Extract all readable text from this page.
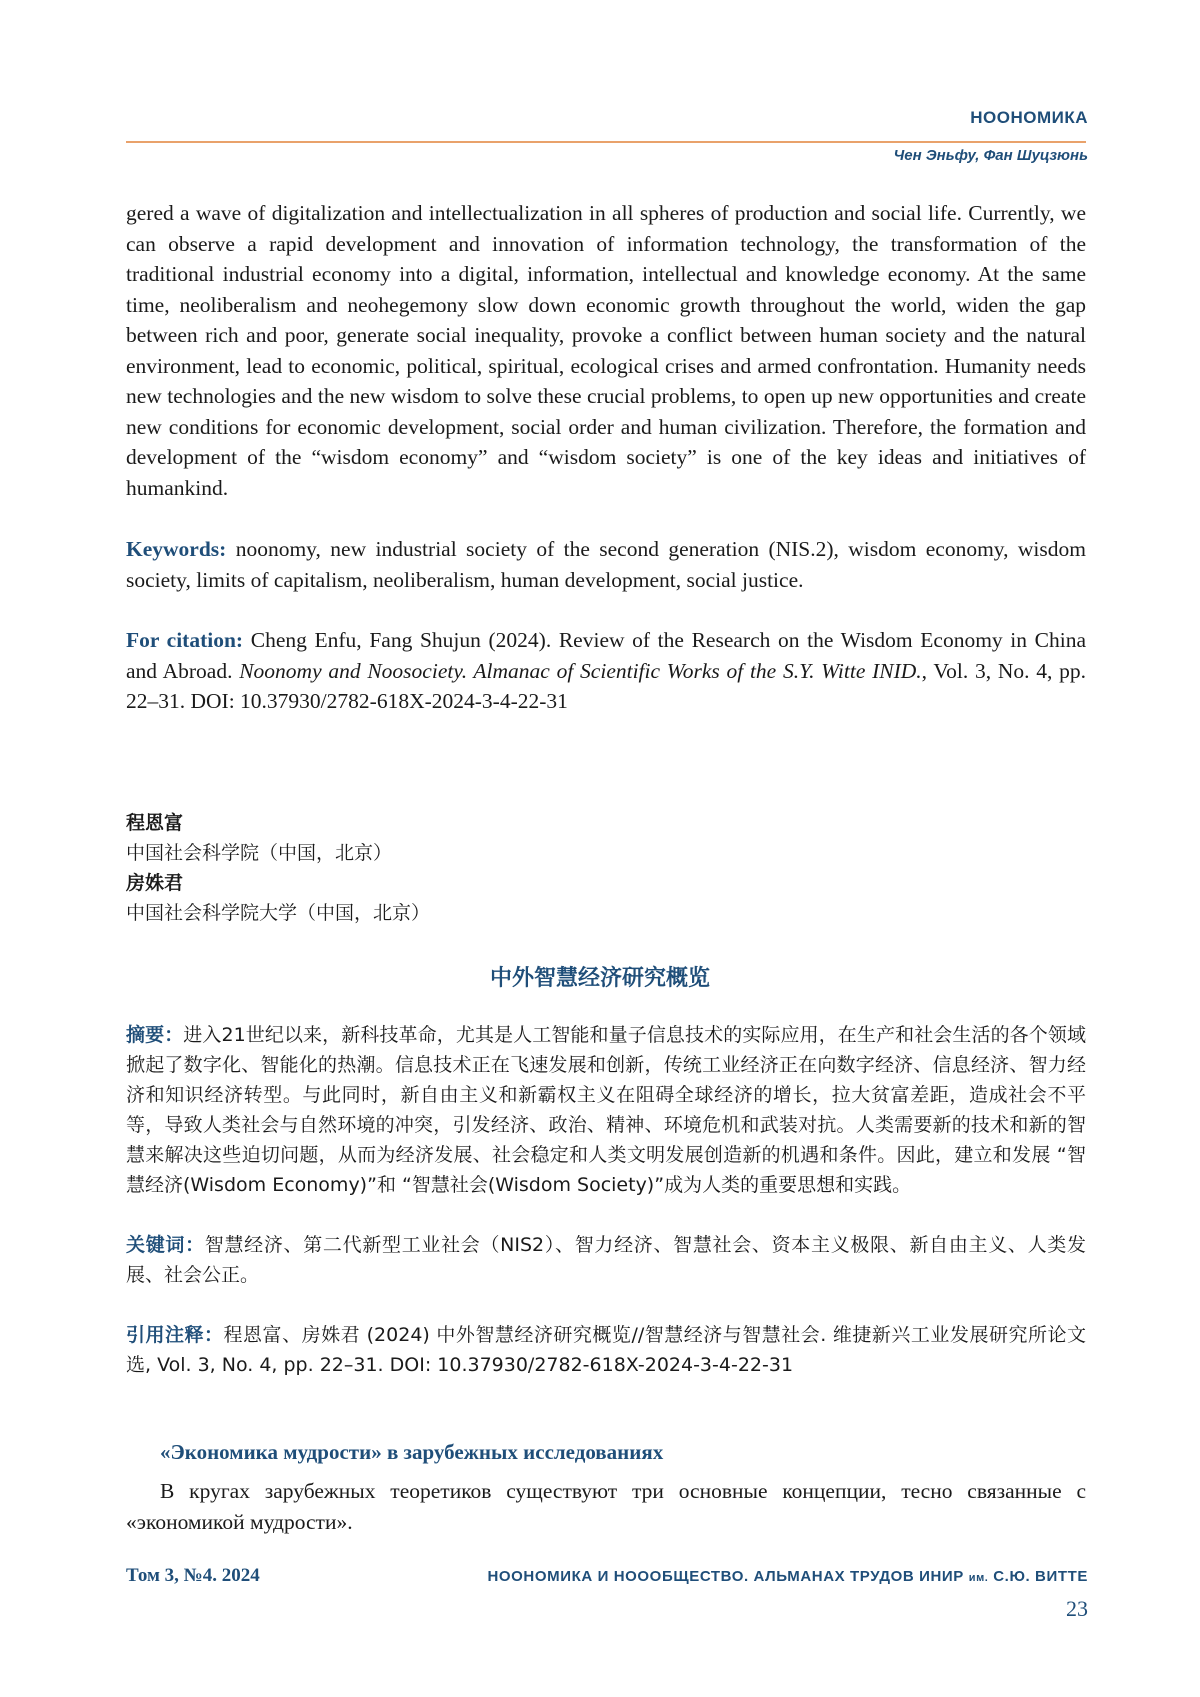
НООНОМИКА
Чен Эньфу, Фан Шуцзюнь

gered a wave of digitalization and intellectualization in all spheres of production and social life. Currently, we can observe a rapid development and innovation of information technology, the transformation of the traditional industrial economy into a digital, information, intellectual and knowledge economy. At the same time, neoliberalism and neohegemony slow down economic growth throughout the world, widen the gap between rich and poor, generate social inequality, provoke a conflict between human society and the natural environment, lead to economic, political, spiritual, ecological crises and armed confrontation. Humanity needs new technologies and the new wisdom to solve these crucial problems, to open up new opportunities and create new conditions for economic development, social order and human civilization. Therefore, the formation and development of the “wisdom economy” and “wisdom society” is one of the key ideas and initiatives of humankind.

Keywords: noonomy, new industrial society of the second generation (NIS.2), wisdom economy, wisdom society, limits of capitalism, neoliberalism, human development, social justice.

For citation: Cheng Enfu, Fang Shujun (2024). Review of the Research on the Wisdom Economy in China and Abroad. Noonomy and Noosociety. Almanac of Scientific Works of the S.Y. Witte INID., Vol. 3, No. 4, pp. 22–31. DOI: 10.37930/2782-618X-2024-3-4-22-31

程恩富
中国社会科学院（中国，北京）
房姝君
中国社会科学院大学（中国，北京）
中外智慧经济研究概览

摘要：进入21世纪以来，新科技革命，尤其是人工智能和量子信息技术的实际应用，在生产和社会生活的各个领域掀起了数字化、智能化的热潮。信息技术正在飞速发展和创新，传统工业经济正在向数字经济、信息经济、智力经济和知识经济转型。与此同时，新自由主义和新霸权主义在阻碍全球经济的增长，拉大贫富差距，造成社会不平等，导致人类社会与自然环境的冲突，引发经济、政治、精神、环境危机和武装对抗。人类需要新的技术和新的智慧来解决这些迫切问题，从而为经济发展、社会稳定和人类文明发展创造新的机遇和条件。因此，建立和发展 “智慧经济(Wisdom Economy)”和 “智慧社会(Wisdom Society)”成为人类的重要思想和实践。

关键词：智慧经济、第二代新型工业社会（NIS2）、智力经济、智慧社会、资本主义极限、新自由主义、人类发展、社会公正。

引用注释：程恩富、房姝君 (2024) 中外智慧经济研究概览//智慧经济与智慧社会. 维捷新兴工业发展研究所论文选, Vol. 3, No. 4, pp. 22–31. DOI: 10.37930/2782-618X-2024-3-4-22-31

«Экономика мудрости» в зарубежных исследованиях

В кругах зарубежных теоретиков существуют три основные концепции, тесно связанные с «экономикой мудрости».

Том 3, №4. 2024	НООНОМИКА И НООOБЩЕСТВО. АЛЬМАНАХ ТРУДОВ ИНИР им. С.Ю. ВИТТЕ
23
